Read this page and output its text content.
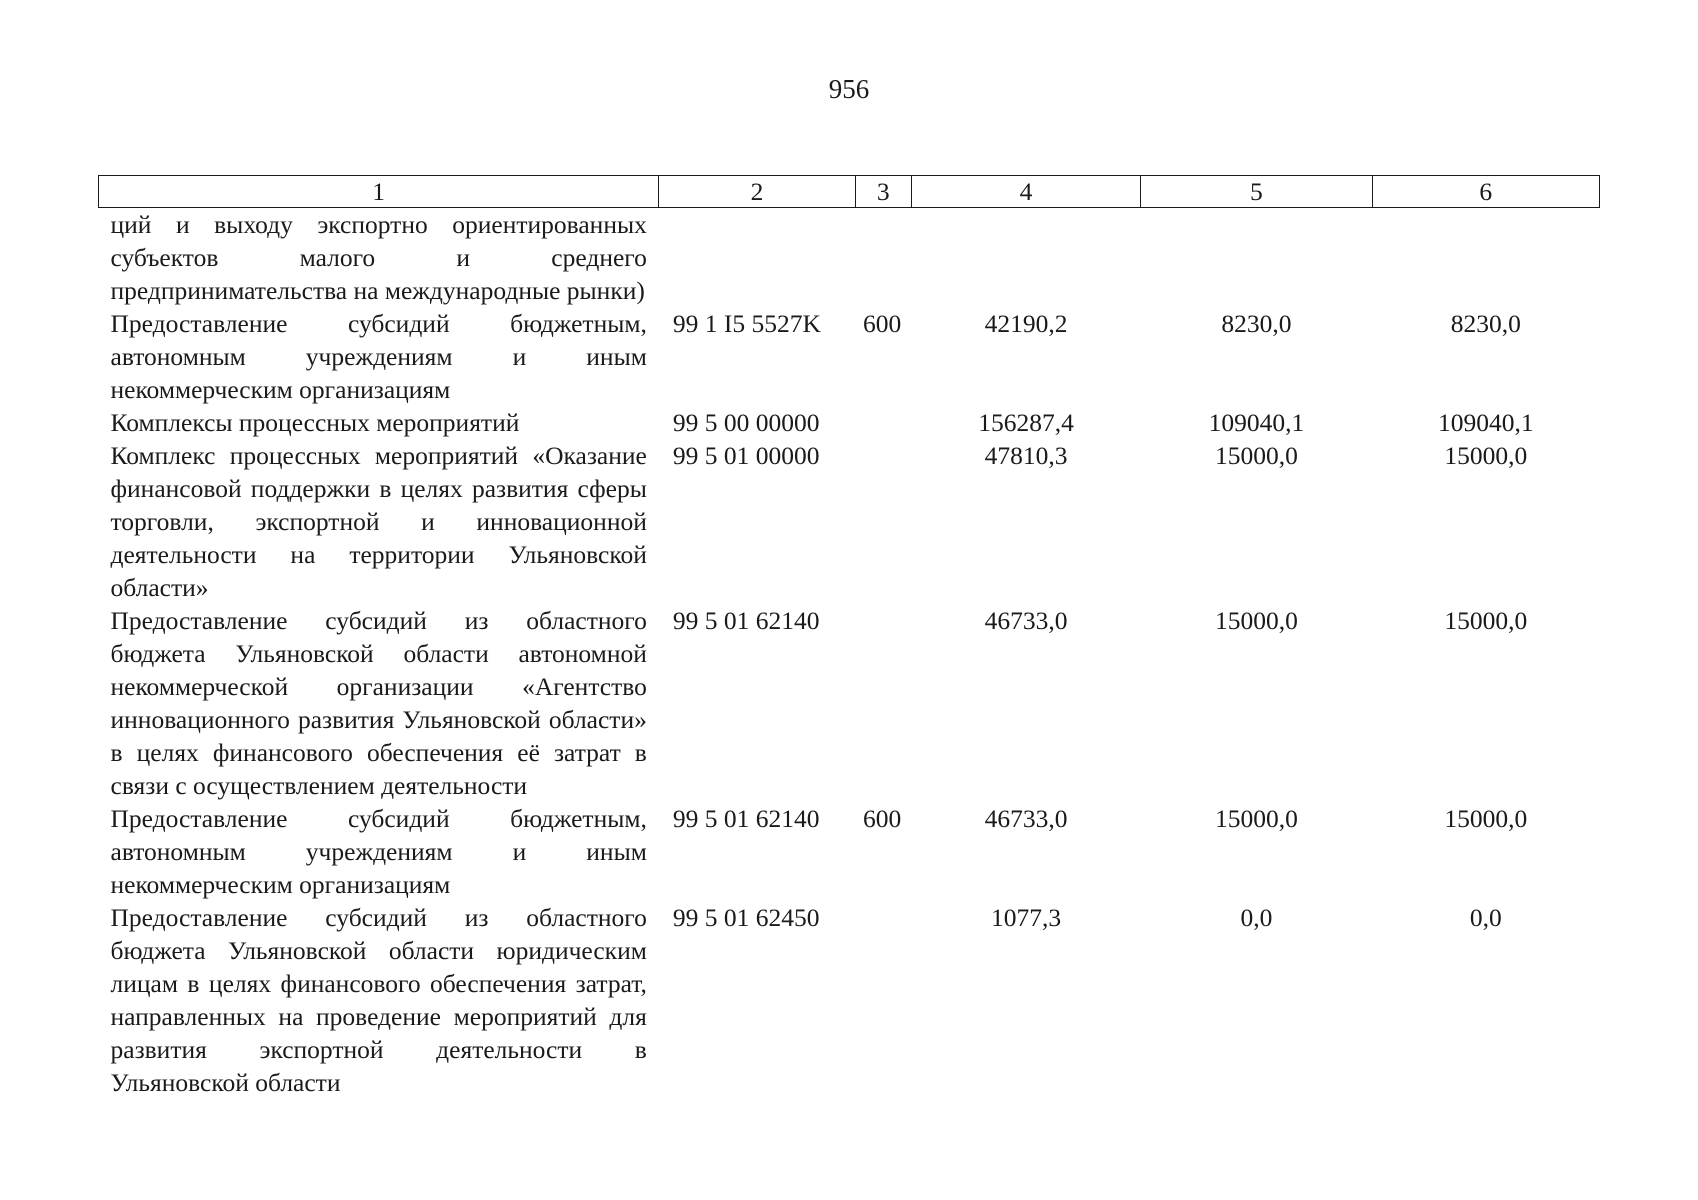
956
1	2	3	4	5	6
ций и выходу экспортно ориентированных субъектов малого и среднего предпринимательства на международные рынки)					
Предоставление субсидий бюджетным, автономным учреждениям и иным некоммерческим организациям	99 1 I5 5527K	600	42190,2	8230,0	8230,0
Комплексы процессных мероприятий	99 5 00 00000		156287,4	109040,1	109040,1
Комплекс процессных мероприятий «Оказание финансовой поддержки в целях развития сферы торговли, экспортной и инновационной деятельности на территории Ульяновской области»	99 5 01 00000		47810,3	15000,0	15000,0
Предоставление субсидий из областного бюджета Ульяновской области автономной некоммерческой организации «Агентство инновационного развития Ульяновской области» в целях финансового обеспечения её затрат в связи с осуществлением деятельности	99 5 01 62140		46733,0	15000,0	15000,0
Предоставление субсидий бюджетным, автономным учреждениям и иным некоммерческим организациям	99 5 01 62140	600	46733,0	15000,0	15000,0
Предоставление субсидий из областного бюджета Ульяновской области юридическим лицам в целях финансового обеспечения затрат, направленных на проведение мероприятий для развития экспортной деятельности в Ульяновской области	99 5 01 62450		1077,3	0,0	0,0
